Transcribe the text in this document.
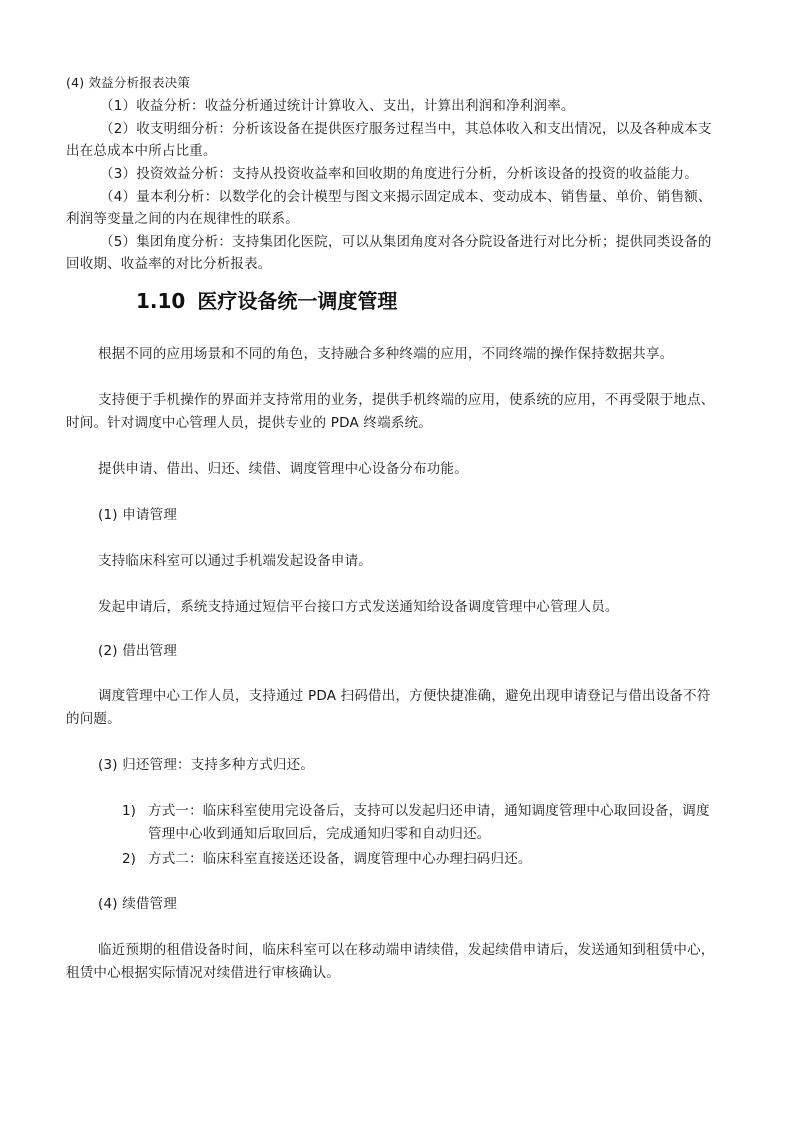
(4) 效益分析报表决策

（1）收益分析：收益分析通过统计计算收入、支出，计算出利润和净利润率。

（2）收支明细分析：分析该设备在提供医疗服务过程当中，其总体收入和支出情况，以及各种成本支

出在总成本中所占比重。

（3）投资效益分析：支持从投资收益率和回收期的角度进行分析，分析该设备的投资的收益能力。

（4）量本利分析：以数学化的会计模型与图文来揭示固定成本、变动成本、销售量、单价、销售额、

利润等变量之间的内在规律性的联系。

（5）集团角度分析：支持集团化医院，可以从集团角度对各分院设备进行对比分析；提供同类设备的

回收期、收益率的对比分析报表。

1.10 医疗设备统一调度管理

根据不同的应用场景和不同的角色，支持融合多种终端的应用，不同终端的操作保持数据共享。

支持便于手机操作的界面并支持常用的业务，提供手机终端的应用，使系统的应用，不再受限于地点、

时间。针对调度中心管理人员，提供专业的 PDA 终端系统。

提供申请、借出、归还、续借、调度管理中心设备分布功能。

(1) 申请管理

支持临床科室可以通过手机端发起设备申请。

发起申请后，系统支持通过短信平台接口方式发送通知给设备调度管理中心管理人员。

(2) 借出管理

调度管理中心工作人员，支持通过 PDA 扫码借出，方便快捷准确，避免出现申请登记与借出设备不符

的问题。

(3) 归还管理：支持多种方式归还。

1) 方式一：临床科室使用完设备后，支持可以发起归还申请，通知调度管理中心取回设备，调度

管理中心收到通知后取回后，完成通知归零和自动归还。

2) 方式二：临床科室直接送还设备，调度管理中心办理扫码归还。

(4) 续借管理

临近预期的租借设备时间，临床科室可以在移动端申请续借，发起续借申请后，发送通知到租赁中心，

租赁中心根据实际情况对续借进行审核确认。
